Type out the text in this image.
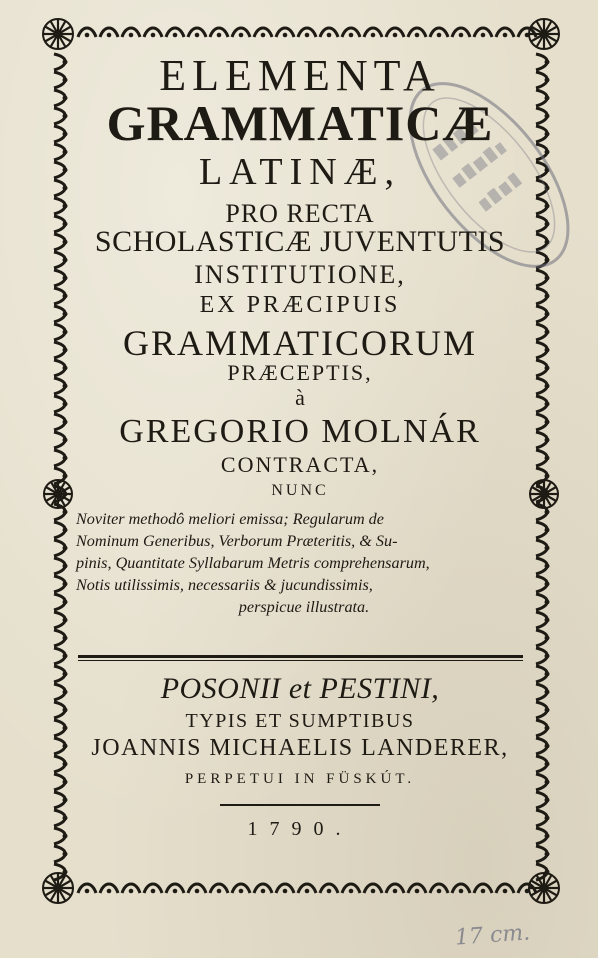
ELEMENTA
GRAMMATICÆ
LATINÆ,
PRO RECTA
SCHOLASTICÆ JUVENTUTIS
INSTITUTIONE,
EX PRÆCIPUIS
GRAMMATICORUM
PRÆCEPTIS,
à
GREGORIO MOLNÁR
CONTRACTA,
NUNC
Noviter methodô meliori emissa; Regularum de
Nominum Generibus, Verborum Præteritis, & Su-
pinis, Quantitate Syllabarum Metris comprehensarum,
Notis utilissimis, necessariis & jucundissimis,
perspicue illustrata.
POSONII et PESTINI,
TYPIS ET SUMPTIBUS
JOANNIS MICHAELIS LANDERER,
PERPETUI IN FÜSKÚT.
1790.
17 cm.
